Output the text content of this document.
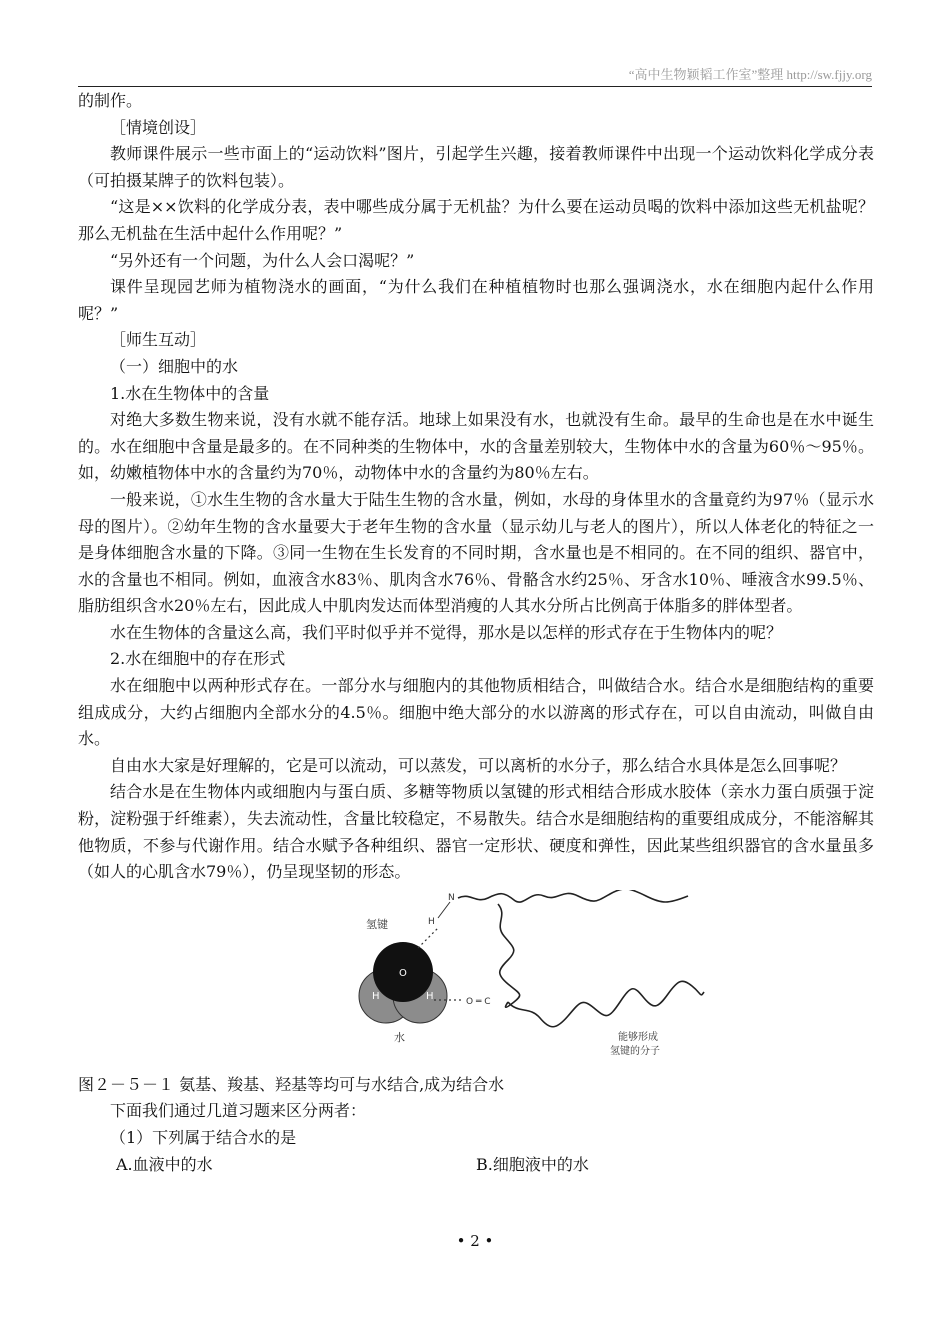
“高中生物颖韬工作室”整理 http://sw.fjjy.org

的制作。

［情境创设］

教师课件展示一些市面上的“运动饮料”图片，引起学生兴趣，接着教师课件中出现一个运动饮料化学成分表（可拍摄某牌子的饮料包装）。

“这是××饮料的化学成分表，表中哪些成分属于无机盐？为什么要在运动员喝的饮料中添加这些无机盐呢？那么无机盐在生活中起什么作用呢？”

“另外还有一个问题，为什么人会口渴呢？”

课件呈现园艺师为植物浇水的画面，“为什么我们在种植植物时也那么强调浇水，水在细胞内起什么作用呢？”

［师生互动］

（一）细胞中的水

1.水在生物体中的含量

对绝大多数生物来说，没有水就不能存活。地球上如果没有水，也就没有生命。最早的生命也是在水中诞生的。水在细胞中含量是最多的。在不同种类的生物体中，水的含量差别较大，生物体中水的含量为60％～95％。如，幼嫩植物体中水的含量约为70％，动物体中水的含量约为80％左右。

一般来说，①水生生物的含水量大于陆生生物的含水量，例如，水母的身体里水的含量竟约为97％（显示水母的图片）。②幼年生物的含水量要大于老年生物的含水量（显示幼儿与老人的图片），所以人体老化的特征之一是身体细胞含水量的下降。③同一生物在生长发育的不同时期，含水量也是不相同的。在不同的组织、器官中，水的含量也不相同。例如，血液含水83％、肌肉含水76％、骨骼含水约25％、牙含水10％、唾液含水99.5％、脂肪组织含水20％左右，因此成人中肌肉发达而体型消瘦的人其水分所占比例高于体脂多的胖体型者。

水在生物体的含量这么高，我们平时似乎并不觉得，那水是以怎样的形式存在于生物体内的呢？

2.水在细胞中的存在形式

水在细胞中以两种形式存在。一部分水与细胞内的其他物质相结合，叫做结合水。结合水是细胞结构的重要组成成分，大约占细胞内全部水分的4.5％。细胞中绝大部分的水以游离的形式存在，可以自由流动，叫做自由水。

自由水大家是好理解的，它是可以流动，可以蒸发，可以离析的水分子，那么结合水具体是怎么回事呢？

结合水是在生物体内或细胞内与蛋白质、多糖等物质以氢键的形式相结合形成水胶体（亲水力蛋白质强于淀粉，淀粉强于纤维素），失去流动性，含量比较稳定，不易散失。结合水是细胞结构的重要组成成分，不能溶解其他物质，不参与代谢作用。结合水赋予各种组织、器官一定形状、硬度和弹性，因此某些组织器官的含水量虽多（如人的心肌含水79％），仍呈现坚韧的形态。

O
H	H
水
氢键	H
N
O ═ C
能够形成
氢键的分子

图２－５－１ 氨基、羧基、羟基等均可与水结合,成为结合水

下面我们通过几道习题来区分两者：

（1）下列属于结合水的是

A.血液中的水	B.细胞液中的水
• 2 •
